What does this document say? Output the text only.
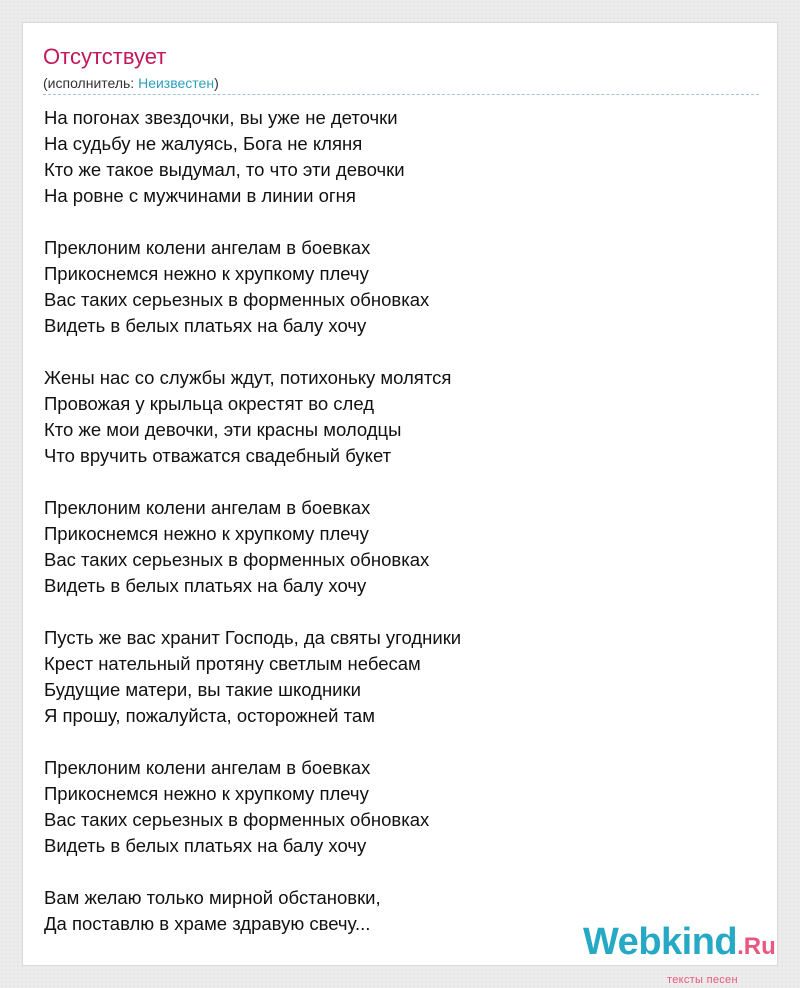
Отсутствует
(исполнитель: Неизвестен)
На погонах звездочки, вы уже не деточки
На судьбу не жалуясь, Бога не кляня
Кто же такое выдумал, то что эти девочки
На ровне с мужчинами в линии огня
Преклоним колени ангелам в боевках
Прикоснемся нежно к хрупкому плечу
Вас таких серьезных в форменных обновках
Видеть в белых платьях на балу хочу
Жены нас со службы ждут, потихоньку молятся
Провожая у крыльца окрестят во след
Кто же мои девочки, эти красны молодцы
Что вручить отважатся свадебный букет
Преклоним колени ангелам в боевках
Прикоснемся нежно к хрупкому плечу
Вас таких серьезных в форменных обновках
Видеть в белых платьях на балу хочу
Пусть же вас хранит Господь, да святы угодники
Крест нательный протяну светлым небесам
Будущие матери, вы такие шкодники
Я прошу, пожалуйста, осторожней там
Преклоним колени ангелам в боевках
Прикоснемся нежно к хрупкому плечу
Вас таких серьезных в форменных обновках
Видеть в белых платьях на балу хочу
Вам желаю только мирной обстановки,
Да поставлю в храме здравую свечу...	Webkind.Ru
тексты песен
